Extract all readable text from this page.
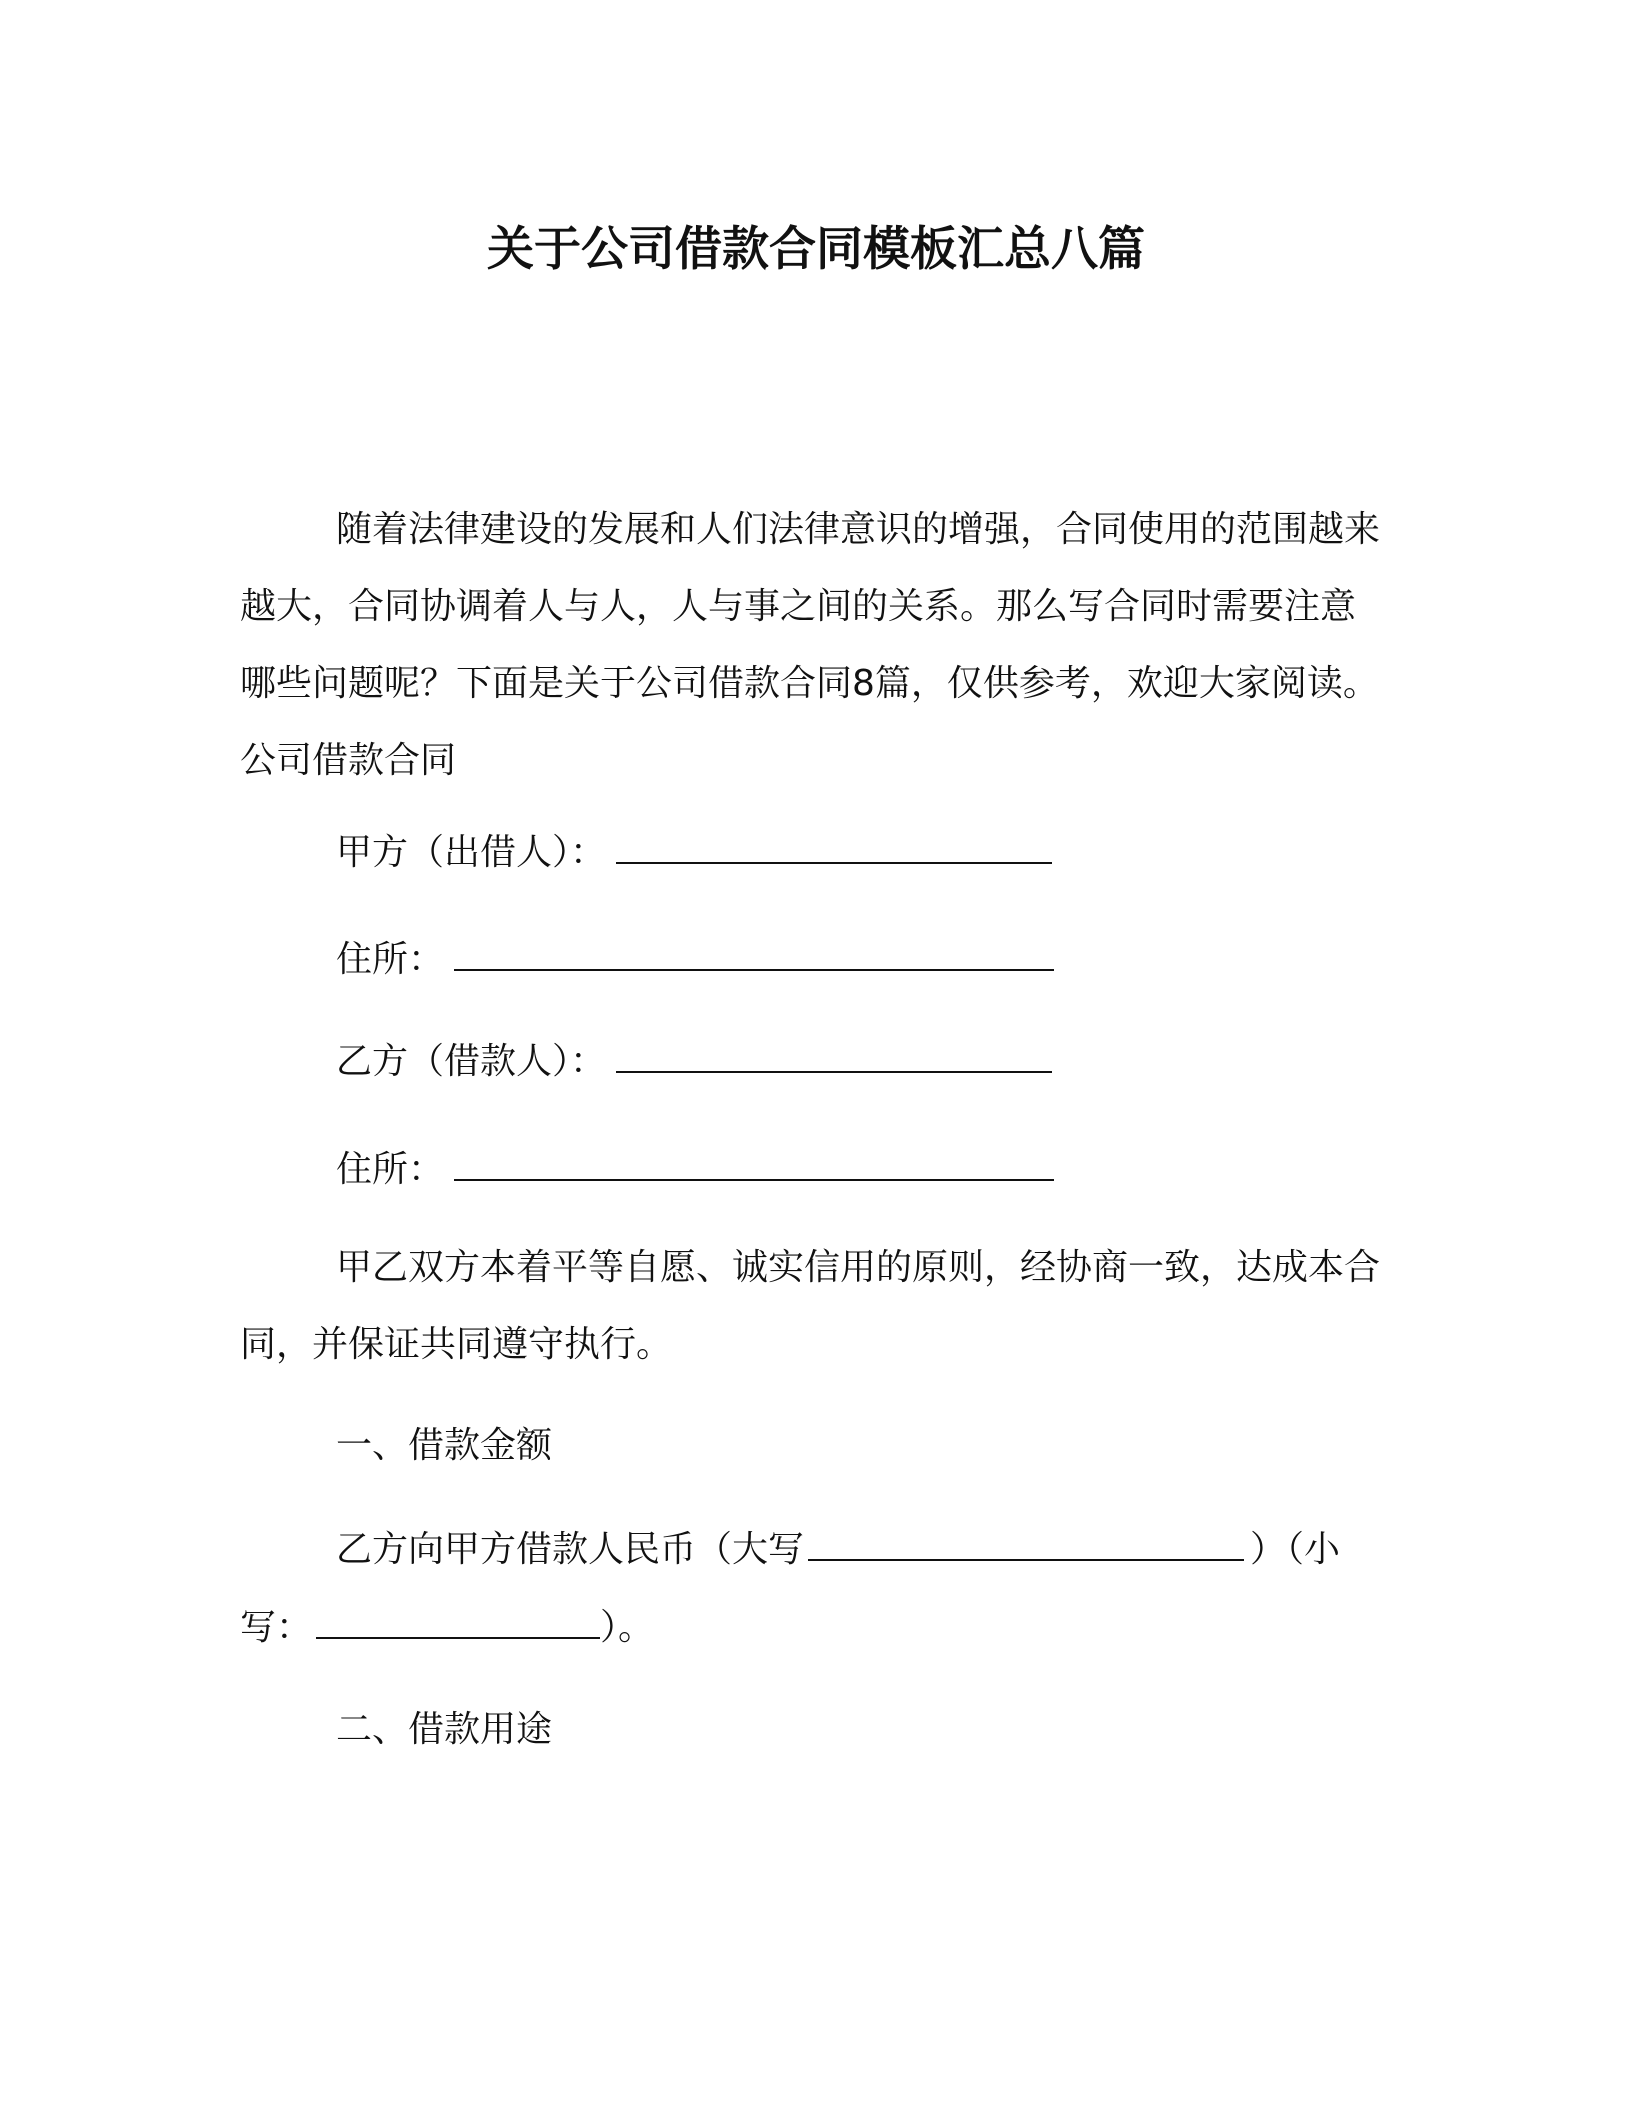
关于公司借款合同模板汇总八篇

随着法律建设的发展和人们法律意识的增强，合同使用的范围越来越大，合同协调着人与人，人与事之间的关系。那么写合同时需要注意哪些问题呢？下面是关于公司借款合同8篇，仅供参考，欢迎大家阅读。公司借款合同

甲方（出借人）：
住所：
乙方（借款人）：
住所：

甲乙双方本着平等自愿、诚实信用的原则，经协商一致，达成本合同，并保证共同遵守执行。

一、借款金额
乙方向甲方借款人民币（大写	）（小
写：	）。
二、借款用途
